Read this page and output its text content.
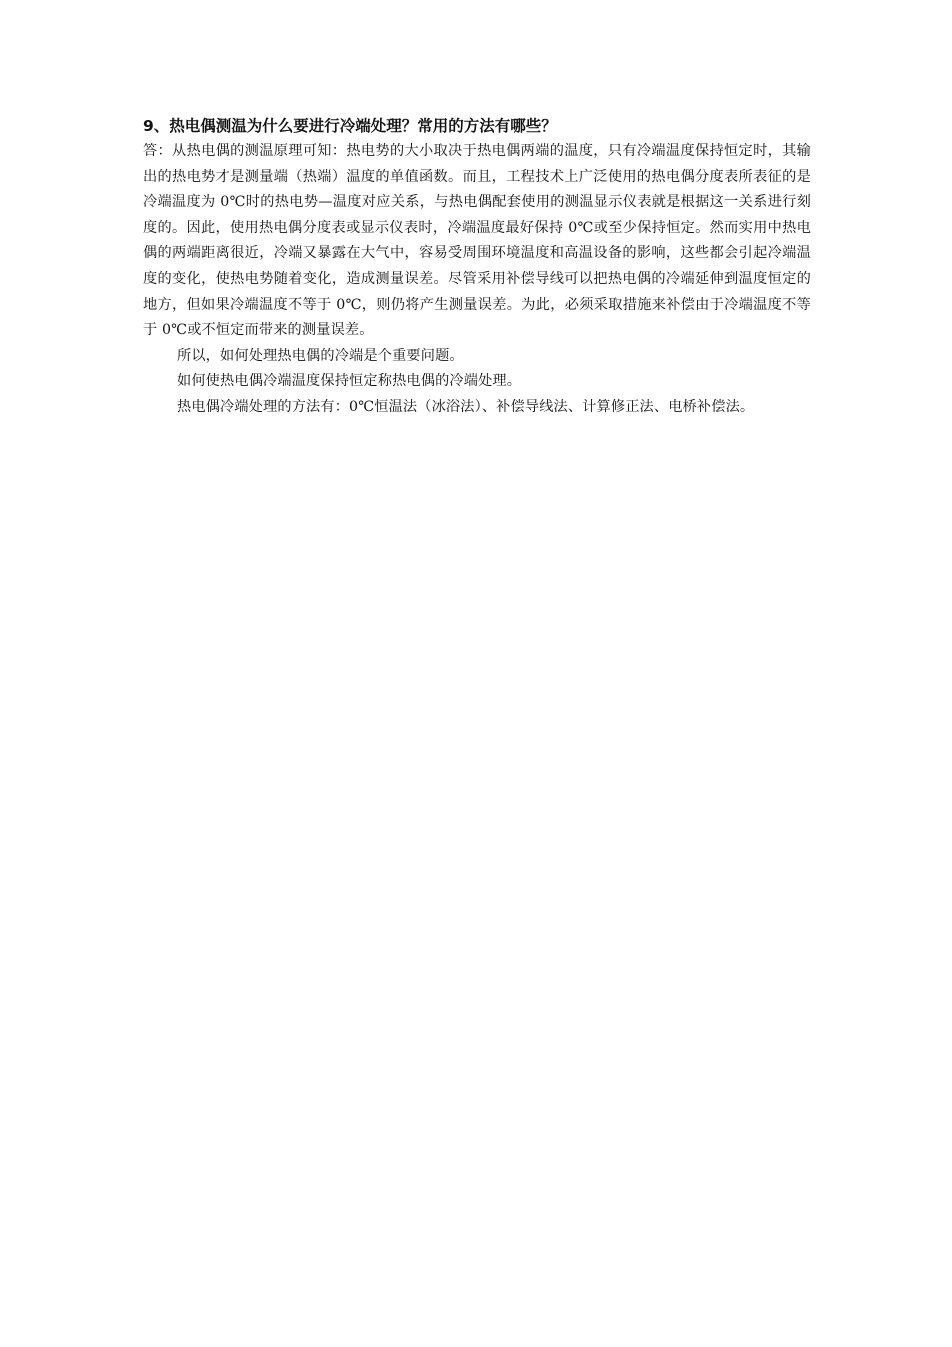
9、热电偶测温为什么要进行冷端处理？常用的方法有哪些？

答：从热电偶的测温原理可知：热电势的大小取决于热电偶两端的温度，只有冷端温度保持恒定时，其输出的热电势才是测量端（热端）温度的单值函数。而且，工程技术上广泛使用的热电偶分度表所表征的是冷端温度为 0℃时的热电势—温度对应关系，与热电偶配套使用的测温显示仪表就是根据这一关系进行刻度的。因此，使用热电偶分度表或显示仪表时，冷端温度最好保持 0℃或至少保持恒定。然而实用中热电偶的两端距离很近，冷端又暴露在大气中，容易受周围环境温度和高温设备的影响，这些都会引起冷端温度的变化，使热电势随着变化，造成测量误差。尽管采用补偿导线可以把热电偶的冷端延伸到温度恒定的地方，但如果冷端温度不等于 0℃，则仍将产生测量误差。为此，必须采取措施来补偿由于冷端温度不等于 0℃或不恒定而带来的测量误差。

所以，如何处理热电偶的冷端是个重要问题。

如何使热电偶冷端温度保持恒定称热电偶的冷端处理。

热电偶冷端处理的方法有：0℃恒温法（冰浴法）、补偿导线法、计算修正法、电桥补偿法。
